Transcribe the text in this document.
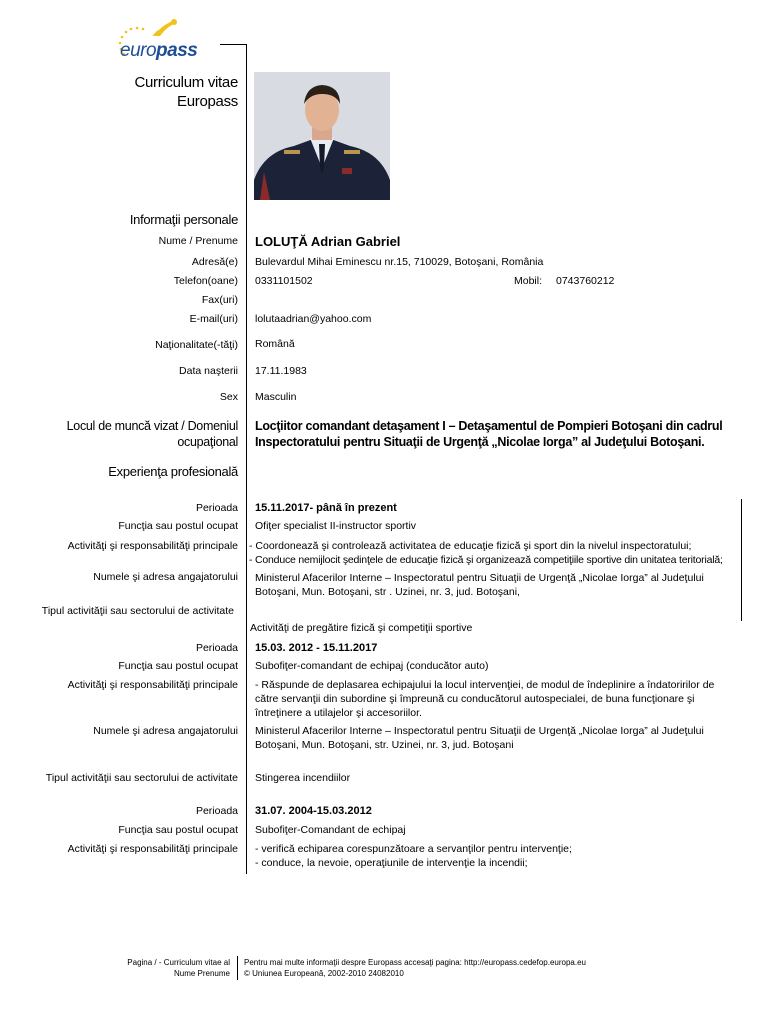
europass
Curriculum vitae
Europass
Informaţii personale
Nume / Prenume LOLUŢĂ Adrian Gabriel
Adresă(e) Bulevardul Mihai Eminescu nr.15, 710029, Botoşani, România
Telefon(oane) 0331101502	Mobil: 0743760212
Fax(uri)
E-mail(uri) lolutaadrian@yahoo.com
Naţionalitate(-tăţi) Română
Data naşterii 17.11.1983
Sex Masculin
Locul de muncă vizat / Domeniul
ocupaţional
Locţiitor comandant detaşament I – Detaşamentul de Pompieri Botoşani din cadrul
Inspectoratului pentru Situaţii de Urgenţă „Nicolae Iorga” al Judeţului Botoşani.
Experienţa profesională
Perioada 15.11.2017- până în prezent
Funcţia sau postul ocupat Ofiţer specialist II-instructor sportiv
Activităţi şi responsabilităţi principale - Coordonează şi controlează activitatea de educaţie fizică şi sport din la nivelul inspectoratului;
- Conduce nemijlocit şedinţele de educaţie fizică şi organizează competiţiile sportive din unitatea teritorială;
Numele şi adresa angajatorului Ministerul Afacerilor Interne – Inspectoratul pentru Situaţii de Urgenţă „Nicolae Iorga” al Judeţului
Botoşani, Mun. Botoşani, str . Uzinei, nr. 3, jud. Botoşani,
Tipul activităţii sau sectorului de activitate
Activităţi de pregătire fizică şi competiţii sportive
Perioada 15.03. 2012 - 15.11.2017
Funcţia sau postul ocupat Subofiţer-comandant de echipaj (conducător auto)
Activităţi şi responsabilităţi principale - Răspunde de deplasarea echipajului la locul intervenţiei, de modul de îndeplinire a îndatoririlor de
către servanţii din subordine şi împreună cu conducătorul autospecialei, de buna funcţionare şi
întreţinere a utilajelor şi accesoriilor.
Numele şi adresa angajatorului Ministerul Afacerilor Interne – Inspectoratul pentru Situaţii de Urgenţă „Nicolae Iorga” al Judeţului
Botoşani, Mun. Botoşani, str. Uzinei, nr. 3, jud. Botoşani
Tipul activităţii sau sectorului de activitate Stingerea incendiilor
Perioada 31.07. 2004-15.03.2012
Funcţia sau postul ocupat Subofiţer-Comandant de echipaj
Activităţi şi responsabilităţi principale - verifică echiparea corespunzătoare a servanţilor pentru intervenţie;
- conduce, la nevoie, operaţiunile de intervenţie la incendii;
Pagina / - Curriculum vitae al
Nume Prenume
Pentru mai multe informaţii despre Europass accesaţi pagina: http://europass.cedefop.europa.eu
© Uniunea Europeană, 2002-2010 24082010
